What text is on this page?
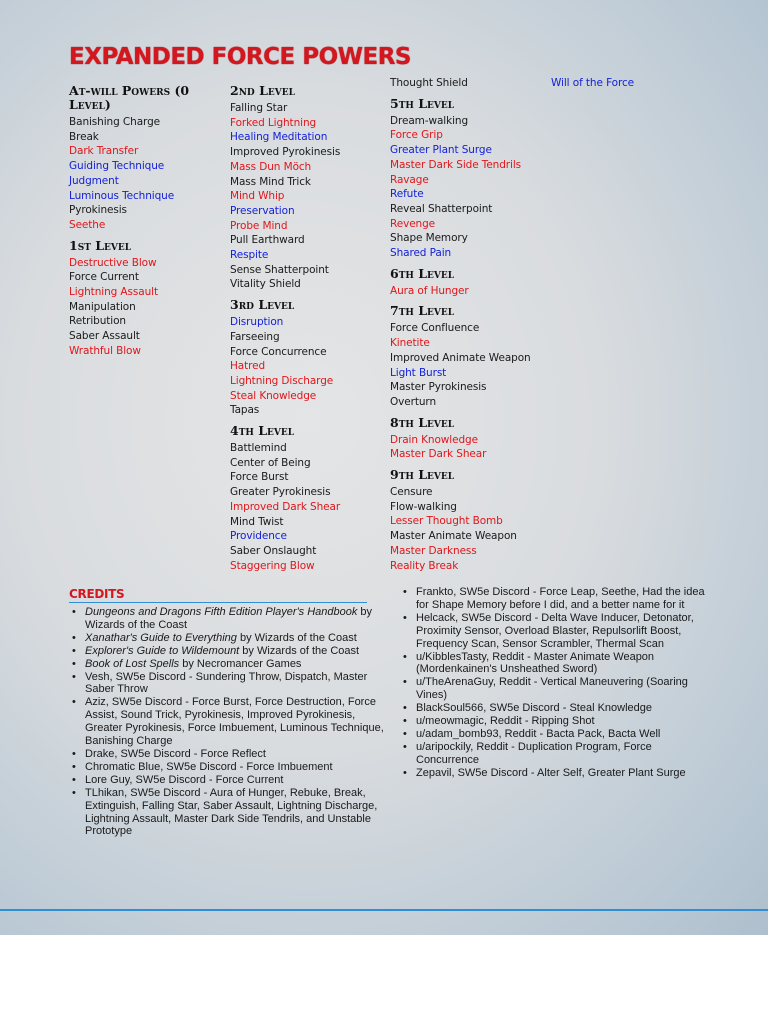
EXPANDED FORCE POWERS
At-will Powers (0 Level)
Banishing Charge
Break
Dark Transfer
Guiding Technique
Judgment
Luminous Technique
Pyrokinesis
Seethe
1st Level
Destructive Blow
Force Current
Lightning Assault
Manipulation
Retribution
Saber Assault
Wrathful Blow
2nd Level
Falling Star
Forked Lightning
Healing Meditation
Improved Pyrokinesis
Mass Dun Möch
Mass Mind Trick
Mind Whip
Preservation
Probe Mind
Pull Earthward
Respite
Sense Shatterpoint
Vitality Shield
3rd Level
Disruption
Farseeing
Force Concurrence
Hatred
Lightning Discharge
Steal Knowledge
Tapas
4th Level
Battlemind
Center of Being
Force Burst
Greater Pyrokinesis
Improved Dark Shear
Mind Twist
Providence
Saber Onslaught
Staggering Blow
Thought Shield
5th Level
Dream-walking
Force Grip
Greater Plant Surge
Master Dark Side Tendrils
Ravage
Refute
Reveal Shatterpoint
Revenge
Shape Memory
Shared Pain
6th Level
Aura of Hunger
7th Level
Force Confluence
Kinetite
Improved Animate Weapon
Light Burst
Master Pyrokinesis
Overturn
8th Level
Drain Knowledge
Master Dark Shear
9th Level
Censure
Flow-walking
Lesser Thought Bomb
Master Animate Weapon
Master Darkness
Reality Break
Will of the Force
CREDITS
• Dungeons and Dragons Fifth Edition Player's Handbook by Wizards of the Coast
• Xanathar's Guide to Everything by Wizards of the Coast
• Explorer's Guide to Wildemount by Wizards of the Coast
• Book of Lost Spells by Necromancer Games
• Vesh, SW5e Discord - Sundering Throw, Dispatch, Master Saber Throw
• Aziz, SW5e Discord - Force Burst, Force Destruction, Force Assist, Sound Trick, Pyrokinesis, Improved Pyrokinesis, Greater Pyrokinesis, Force Imbuement, Luminous Technique, Banishing Charge
• Drake, SW5e Discord - Force Reflect
• Chromatic Blue, SW5e Discord - Force Imbuement
• Lore Guy, SW5e Discord - Force Current
• TLhikan, SW5e Discord - Aura of Hunger, Rebuke, Break, Extinguish, Falling Star, Saber Assault, Lightning Discharge, Lightning Assault, Master Dark Side Tendrils, and Unstable Prototype
• Frankto, SW5e Discord - Force Leap, Seethe, Had the idea for Shape Memory before I did, and a better name for it
• Helcack, SW5e Discord - Delta Wave Inducer, Detonator, Proximity Sensor, Overload Blaster, Repulsorlift Boost, Frequency Scan, Sensor Scrambler, Thermal Scan
• u/KibblesTasty, Reddit - Master Animate Weapon (Mordenkainen's Unsheathed Sword)
• u/TheArenaGuy, Reddit - Vertical Maneuvering (Soaring Vines)
• BlackSoul566, SW5e Discord - Steal Knowledge
• u/meowmagic, Reddit - Ripping Shot
• u/adam_bomb93, Reddit - Bacta Pack, Bacta Well
• u/aripockily, Reddit - Duplication Program, Force Concurrence
• Zepavil, SW5e Discord - Alter Self, Greater Plant Surge
